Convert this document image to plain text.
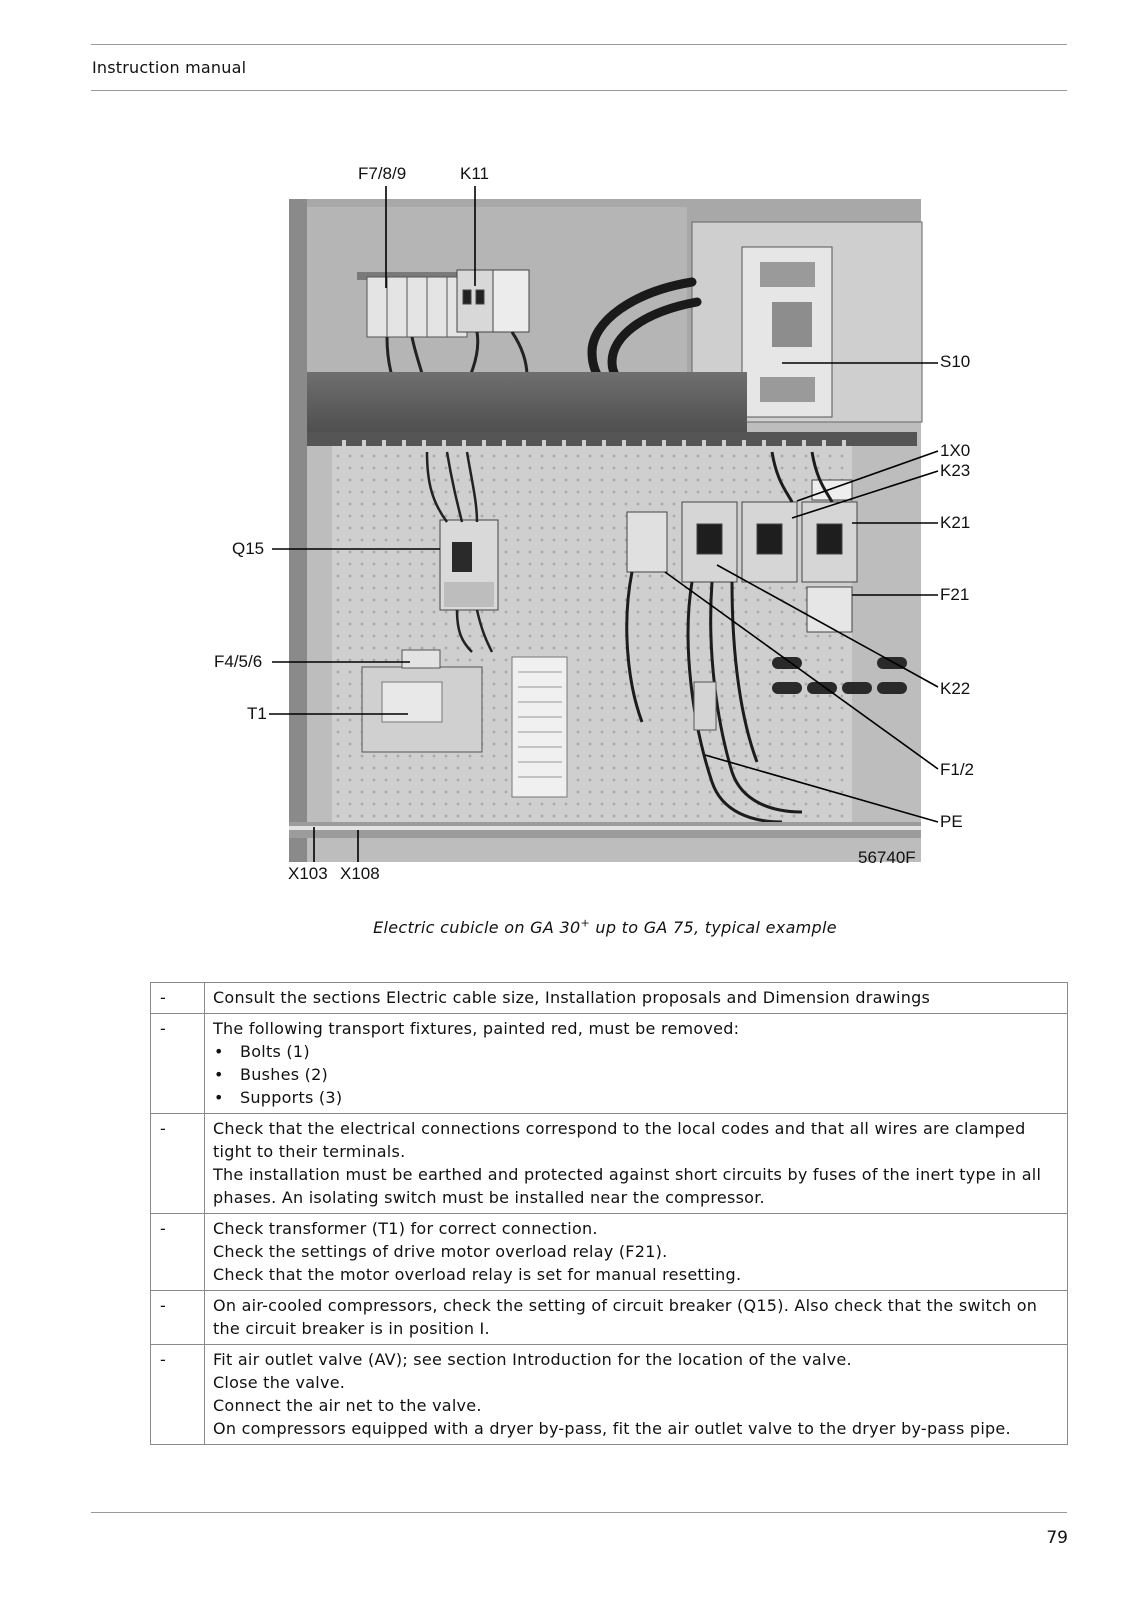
Instruction manual
F7/8/9	K11
S10
1X0
K23
K21
Q15
F21
F4/5/6
K22
T1
F1/2
PE
X103 X108
56740F
Electric cubicle on GA 30+ up to GA 75, typical example
-	Consult the sections Electric cable size, Installation proposals and Dimension drawings

-	The following transport fixtures, painted red, must be removed:
• Bolts (1)
• Bushes (2)
• Supports (3)

-	Check that the electrical connections correspond to the local codes and that all wires are clamped tight to their terminals.
The installation must be earthed and protected against short circuits by fuses of the inert type in all phases. An isolating switch must be installed near the compressor.

-	Check transformer (T1) for correct connection.
Check the settings of drive motor overload relay (F21).
Check that the motor overload relay is set for manual resetting.

-	On air-cooled compressors, check the setting of circuit breaker (Q15). Also check that the switch on the circuit breaker is in position I.

-	Fit air outlet valve (AV); see section Introduction for the location of the valve.
Close the valve.
Connect the air net to the valve.
On compressors equipped with a dryer by-pass, fit the air outlet valve to the dryer by-pass pipe.
79
